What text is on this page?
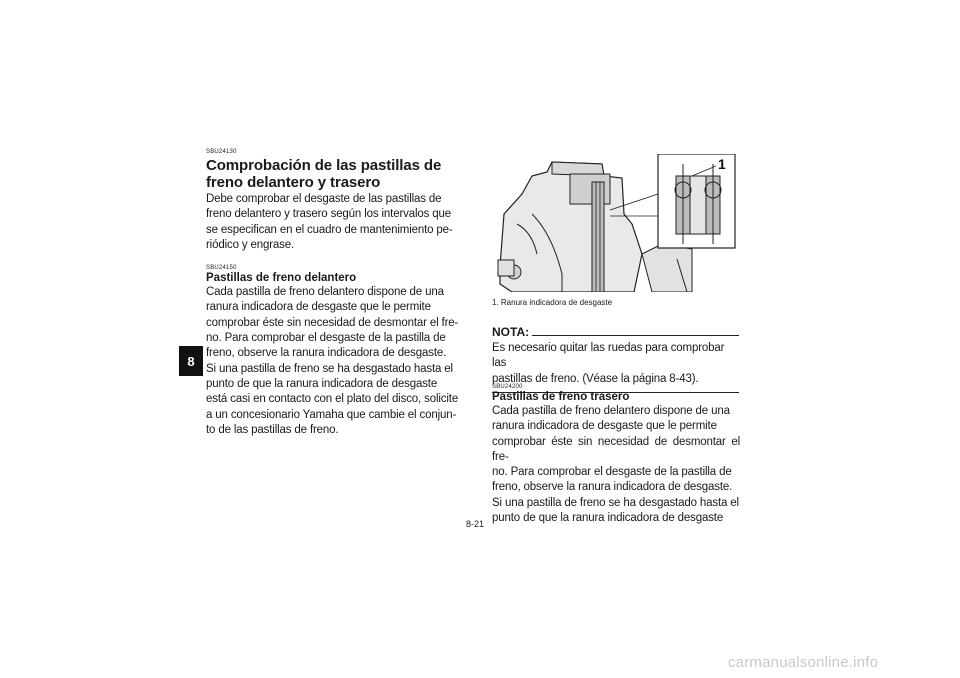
8

SBU24130

Comprobación de las pastillas de freno delantero y trasero

Debe comprobar el desgaste de las pastillas de
freno delantero y trasero según los intervalos que
se especifican en el cuadro de mantenimiento pe-
riódico y engrase.

SBU24150

Pastillas de freno delantero

Cada pastilla de freno delantero dispone de una
ranura indicadora de desgaste que le permite
comprobar éste sin necesidad de desmontar el fre-
no. Para comprobar el desgaste de la pastilla de
freno, observe la ranura indicadora de desgaste.
Si una pastilla de freno se ha desgastado hasta el
punto de que la ranura indicadora de desgaste
está casi en contacto con el plato del disco, solicite
a un concesionario Yamaha que cambie el conjun-
to de las pastillas de freno.

1
1. Ranura indicadora de desgaste
NOTA:

Es necesario quitar las ruedas para comprobar las
pastillas de freno. (Véase la página 8-43).

SBU24200

Pastillas de freno trasero

Cada pastilla de freno delantero dispone de una
ranura indicadora de desgaste que le permite
comprobar éste sin necesidad de desmontar el fre-
no. Para comprobar el desgaste de la pastilla de
freno, observe la ranura indicadora de desgaste.
Si una pastilla de freno se ha desgastado hasta el
punto de que la ranura indicadora de desgaste

8-21
carmanualsonline.info
